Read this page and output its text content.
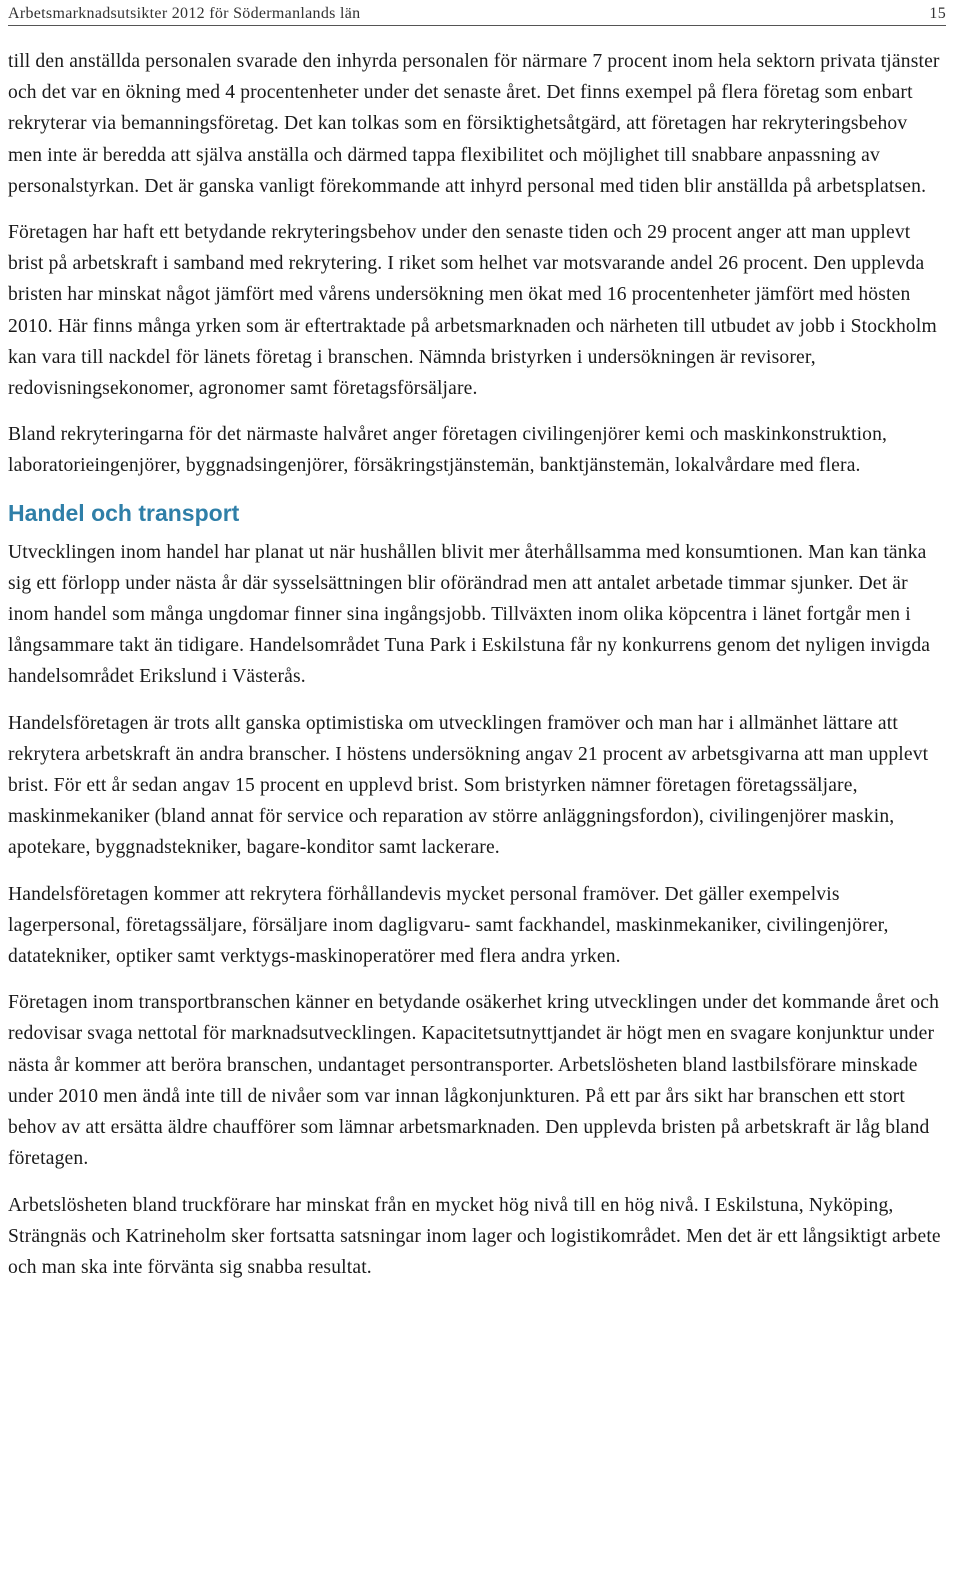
Arbetsmarknadsutsikter 2012 för Södermanlands län	15

till den anställda personalen svarade den inhyrda personalen för närmare 7 procent inom hela sektorn privata tjänster och det var en ökning med 4 procentenheter under det senaste året. Det finns exempel på flera företag som enbart rekryterar via bemanningsföretag. Det kan tolkas som en försiktighetsåtgärd, att företagen har rekryteringsbehov men inte är beredda att själva anställa och därmed tappa flexibilitet och möjlighet till snabbare anpassning av personalstyrkan. Det är ganska vanligt förekommande att inhyrd personal med tiden blir anställda på arbetsplatsen.

Företagen har haft ett betydande rekryteringsbehov under den senaste tiden och 29 procent anger att man upplevt brist på arbetskraft i samband med rekrytering. I riket som helhet var motsvarande andel 26 procent. Den upplevda bristen har minskat något jämfört med vårens undersökning men ökat med 16 procentenheter jämfört med hösten 2010. Här finns många yrken som är eftertraktade på arbetsmarknaden och närheten till utbudet av jobb i Stockholm kan vara till nackdel för länets företag i branschen. Nämnda bristyrken i undersökningen är revisorer, redovisningsekonomer, agronomer samt företagsförsäljare.

Bland rekryteringarna för det närmaste halvåret anger företagen civilingenjörer kemi och maskinkonstruktion, laboratorieingenjörer, byggnadsingenjörer, försäkringstjänstemän, banktjänstemän, lokalvårdare med flera.

Handel och transport

Utvecklingen inom handel har planat ut när hushållen blivit mer återhållsamma med konsumtionen. Man kan tänka sig ett förlopp under nästa år där sysselsättningen blir oförändrad men att antalet arbetade timmar sjunker. Det är inom handel som många ungdomar finner sina ingångsjobb. Tillväxten inom olika köpcentra i länet fortgår men i långsammare takt än tidigare. Handelsområdet Tuna Park i Eskilstuna får ny konkurrens genom det nyligen invigda handelsområdet Erikslund i Västerås.

Handelsföretagen är trots allt ganska optimistiska om utvecklingen framöver och man har i allmänhet lättare att rekrytera arbetskraft än andra branscher. I höstens undersökning angav 21 procent av arbetsgivarna att man upplevt brist. För ett år sedan angav 15 procent en upplevd brist. Som bristyrken nämner företagen företagssäljare, maskinmekaniker (bland annat för service och reparation av större anläggningsfordon), civilingenjörer maskin, apotekare, byggnadstekniker, bagare-konditor samt lackerare.

Handelsföretagen kommer att rekrytera förhållandevis mycket personal framöver. Det gäller exempelvis lagerpersonal, företagssäljare, försäljare inom dagligvaru- samt fackhandel, maskinmekaniker, civilingenjörer, datatekniker, optiker samt verktygs-maskinoperatörer med flera andra yrken.

Företagen inom transportbranschen känner en betydande osäkerhet kring utvecklingen under det kommande året och redovisar svaga nettotal för marknadsutvecklingen. Kapacitetsutnyttjandet är högt men en svagare konjunktur under nästa år kommer att beröra branschen, undantaget persontransporter. Arbetslösheten bland lastbilsförare minskade under 2010 men ändå inte till de nivåer som var innan lågkonjunkturen. På ett par års sikt har branschen ett stort behov av att ersätta äldre chaufförer som lämnar arbetsmarknaden. Den upplevda bristen på arbetskraft är låg bland företagen.

Arbetslösheten bland truckförare har minskat från en mycket hög nivå till en hög nivå. I Eskilstuna, Nyköping, Strängnäs och Katrineholm sker fortsatta satsningar inom lager och logistikområdet. Men det är ett långsiktigt arbete och man ska inte förvänta sig snabba resultat.
